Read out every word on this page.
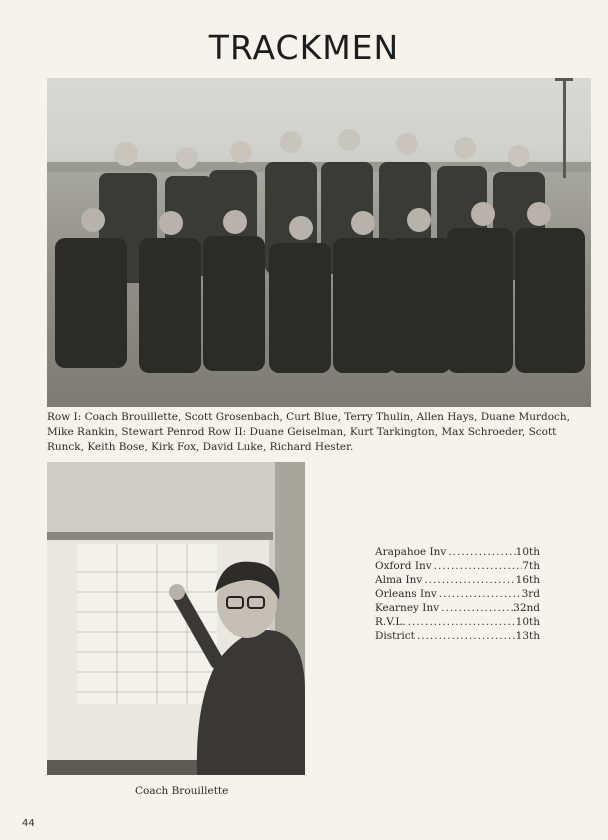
TRACKMEN
Row I: Coach Brouillette, Scott Grosenbach, Curt Blue, Terry Thulin, Allen Hays, Duane Murdoch, Mike Rankin, Stewart Penrod Row II: Duane Geiselman, Kurt Tarkington, Max Schroeder, Scott Runck, Keith Bose, Kirk Fox, David Luke, Richard Hester.
Coach Brouillette
Arapahoe Inv .....	10th
Oxford Inv .....	7th
Alma Inv .....	16th
Orleans Inv .....	3rd
Kearney Inv .....	32nd
R.V.L. .....	10th
District .....	13th
44
